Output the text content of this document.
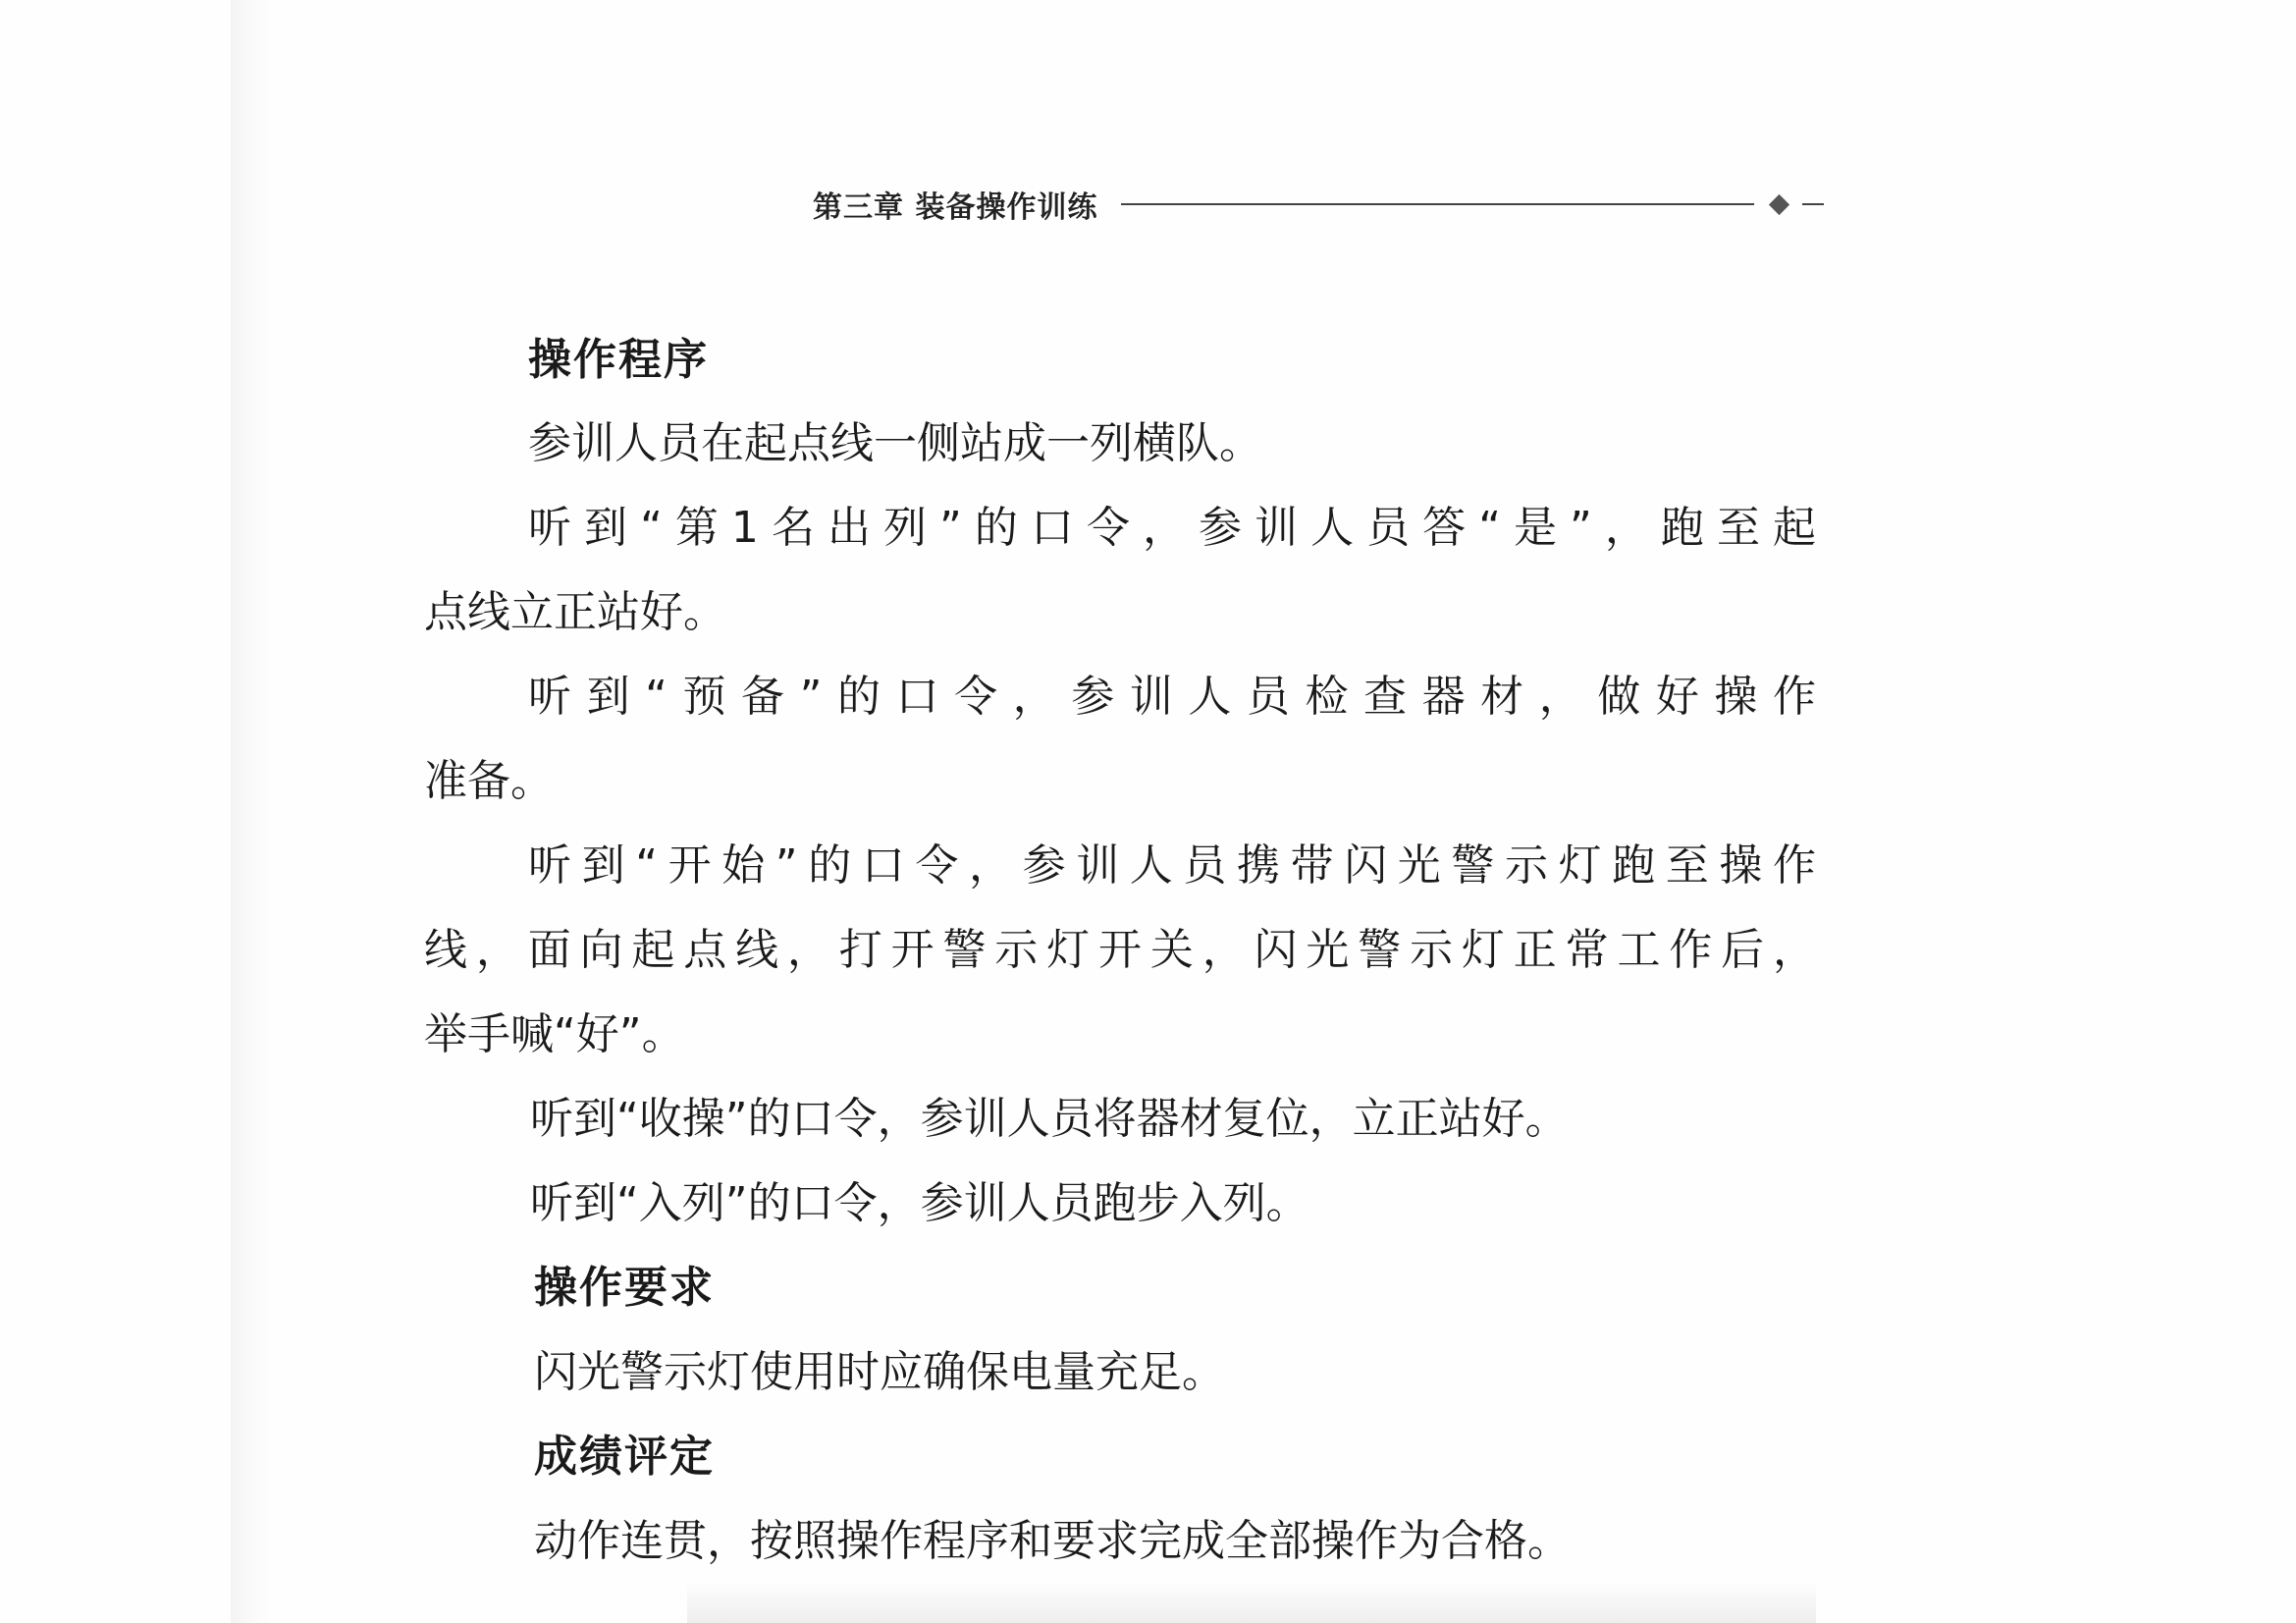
第三章 装备操作训练
操作程序
参训人员在起点线一侧站成一列横队。
听到“第1名出列”的口令，参训人员答“是”，跑至起
点线立正站好。
听到“预备”的口令，参训人员检查器材，做好操作
准备。
听到“开始”的口令，参训人员携带闪光警示灯跑至操作
线，面向起点线，打开警示灯开关，闪光警示灯正常工作后，
举手喊“好”。
听到“收操”的口令，参训人员将器材复位，立正站好。
听到“入列”的口令，参训人员跑步入列。
操作要求
闪光警示灯使用时应确保电量充足。
成绩评定
动作连贯，按照操作程序和要求完成全部操作为合格。
